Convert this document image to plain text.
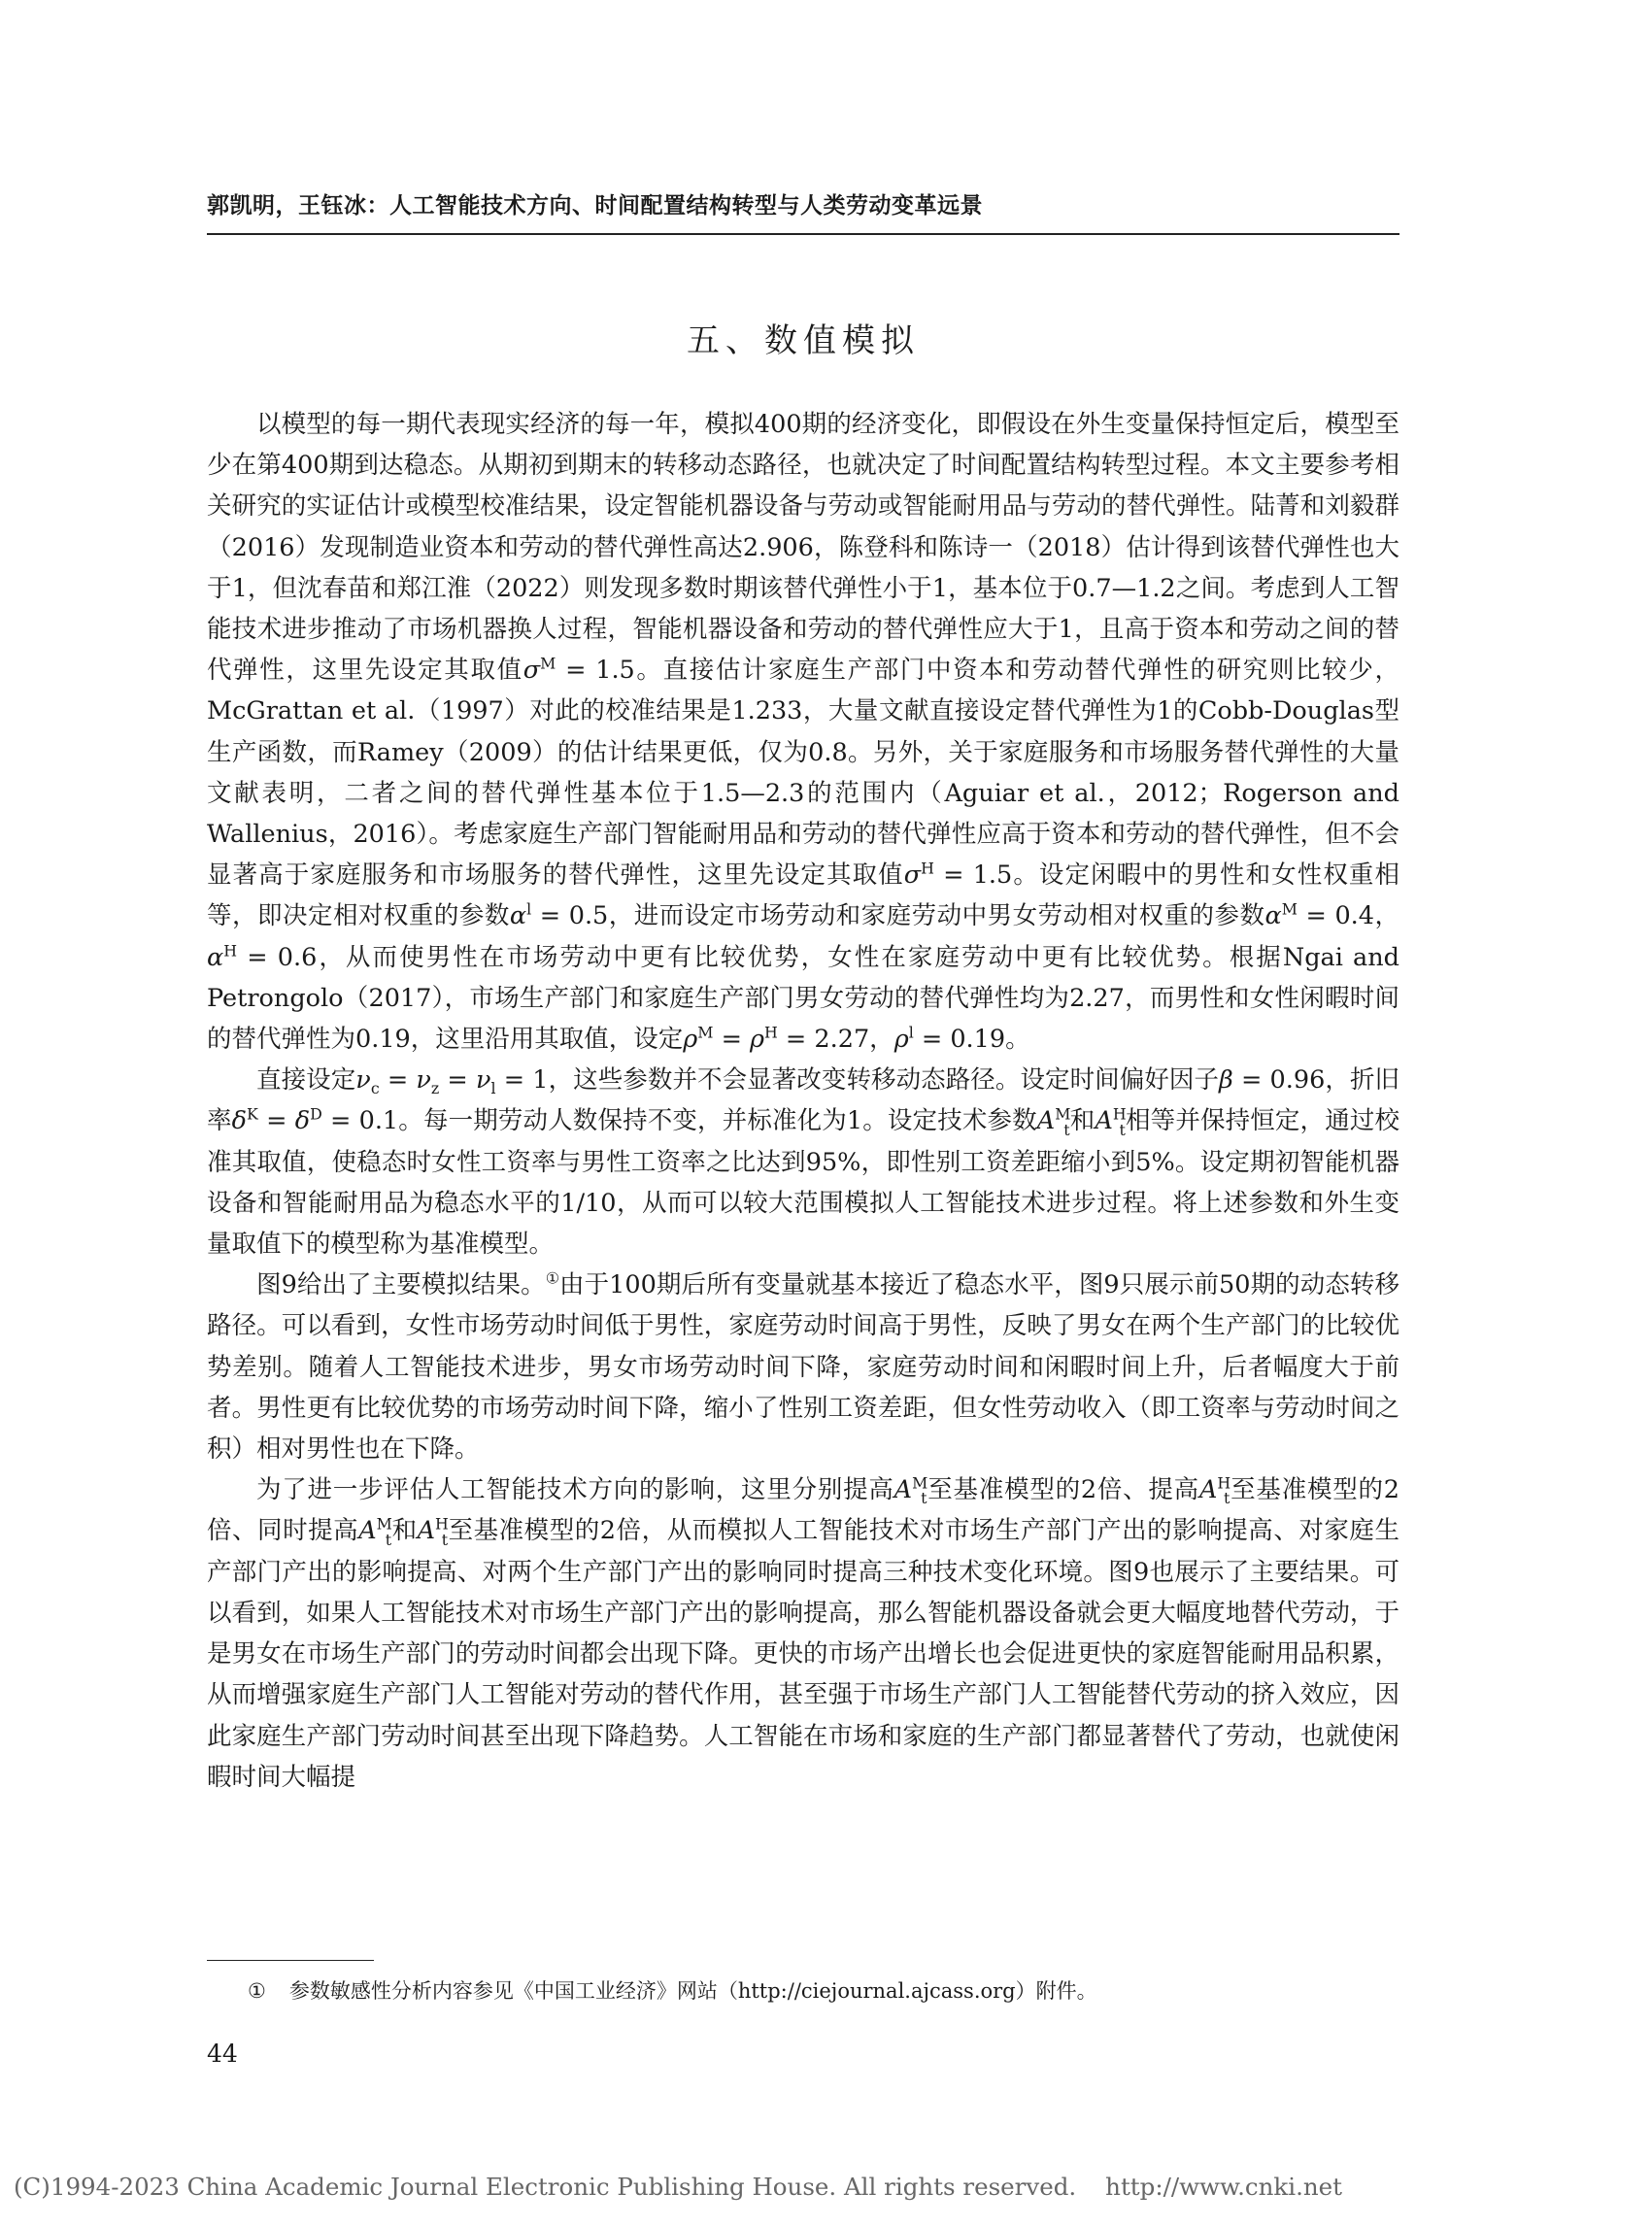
郭凯明，王钰冰：人工智能技术方向、时间配置结构转型与人类劳动变革远景
五、数值模拟

以模型的每一期代表现实经济的每一年，模拟400期的经济变化，即假设在外生变量保持恒定后，模型至少在第400期到达稳态。从期初到期末的转移动态路径，也就决定了时间配置结构转型过程。本文主要参考相关研究的实证估计或模型校准结果，设定智能机器设备与劳动或智能耐用品与劳动的替代弹性。陆菁和刘毅群（2016）发现制造业资本和劳动的替代弹性高达2.906，陈登科和陈诗一（2018）估计得到该替代弹性也大于1，但沈春苗和郑江淮（2022）则发现多数时期该替代弹性小于1，基本位于0.7—1.2之间。考虑到人工智能技术进步推动了市场机器换人过程，智能机器设备和劳动的替代弹性应大于1，且高于资本和劳动之间的替代弹性，这里先设定其取值$\sigma^M = 1.5$。直接估计家庭生产部门中资本和劳动替代弹性的研究则比较少，McGrattan et al.（1997）对此的校准结果是1.233，大量文献直接设定替代弹性为1的Cobb-Douglas型生产函数，而Ramey（2009）的估计结果更低，仅为0.8。另外，关于家庭服务和市场服务替代弹性的大量文献表明，二者之间的替代弹性基本位于1.5—2.3的范围内（Aguiar et al.，2012；Rogerson and Wallenius，2016）。考虑家庭生产部门智能耐用品和劳动的替代弹性应高于资本和劳动的替代弹性，但不会显著高于家庭服务和市场服务的替代弹性，这里先设定其取值$\sigma^H = 1.5$。设定闲暇中的男性和女性权重相等，即决定相对权重的参数$\alpha^l = 0.5$，进而设定市场劳动和家庭劳动中男女劳动相对权重的参数$\alpha^M = 0.4$，$\alpha^H = 0.6$，从而使男性在市场劳动中更有比较优势，女性在家庭劳动中更有比较优势。根据Ngai and Petrongolo（2017），市场生产部门和家庭生产部门男女劳动的替代弹性均为2.27，而男性和女性闲暇时间的替代弹性为0.19，这里沿用其取值，设定$\rho^M = \rho^H = 2.27$，$\rho^l = 0.19$。

直接设定$\nu_c = \nu_z = \nu_l = 1$，这些参数并不会显著改变转移动态路径。设定时间偏好因子β = 0.96，折旧率$\delta^K = \delta^D = 0.1$。每一期劳动人数保持不变，并标准化为1。设定技术参数$A^M_t$和$A^H_t$相等并保持恒定，通过校准其取值，使稳态时女性工资率与男性工资率之比达到95%，即性别工资差距缩小到5%。设定期初智能机器设备和智能耐用品为稳态水平的1/10，从而可以较大范围模拟人工智能技术进步过程。将上述参数和外生变量取值下的模型称为基准模型。

图9给出了主要模拟结果。①由于100期后所有变量就基本接近了稳态水平，图9只展示前50期的动态转移路径。可以看到，女性市场劳动时间低于男性，家庭劳动时间高于男性，反映了男女在两个生产部门的比较优势差别。随着人工智能技术进步，男女市场劳动时间下降，家庭劳动时间和闲暇时间上升，后者幅度大于前者。男性更有比较优势的市场劳动时间下降，缩小了性别工资差距，但女性劳动收入（即工资率与劳动时间之积）相对男性也在下降。

为了进一步评估人工智能技术方向的影响，这里分别提高$A^M_t$至基准模型的2倍、提高$A^H_t$至基准模型的2倍、同时提高$A^M_t$和$A^H_t$至基准模型的2倍，从而模拟人工智能技术对市场生产部门产出的影响提高、对家庭生产部门产出的影响提高、对两个生产部门产出的影响同时提高三种技术变化环境。图9也展示了主要结果。可以看到，如果人工智能技术对市场生产部门产出的影响提高，那么智能机器设备就会更大幅度地替代劳动，于是男女在市场生产部门的劳动时间都会出现下降。更快的市场产出增长也会促进更快的家庭智能耐用品积累，从而增强家庭生产部门人工智能对劳动的替代作用，甚至强于市场生产部门人工智能替代劳动的挤入效应，因此家庭生产部门劳动时间甚至出现下降趋势。人工智能在市场和家庭的生产部门都显著替代了劳动，也就使闲暇时间大幅提

① 参数敏感性分析内容参见《中国工业经济》网站（http://ciejournal.ajcass.org）附件。
44
(C)1994-2023 China Academic Journal Electronic Publishing House. All rights reserved. http://www.cnki.net
